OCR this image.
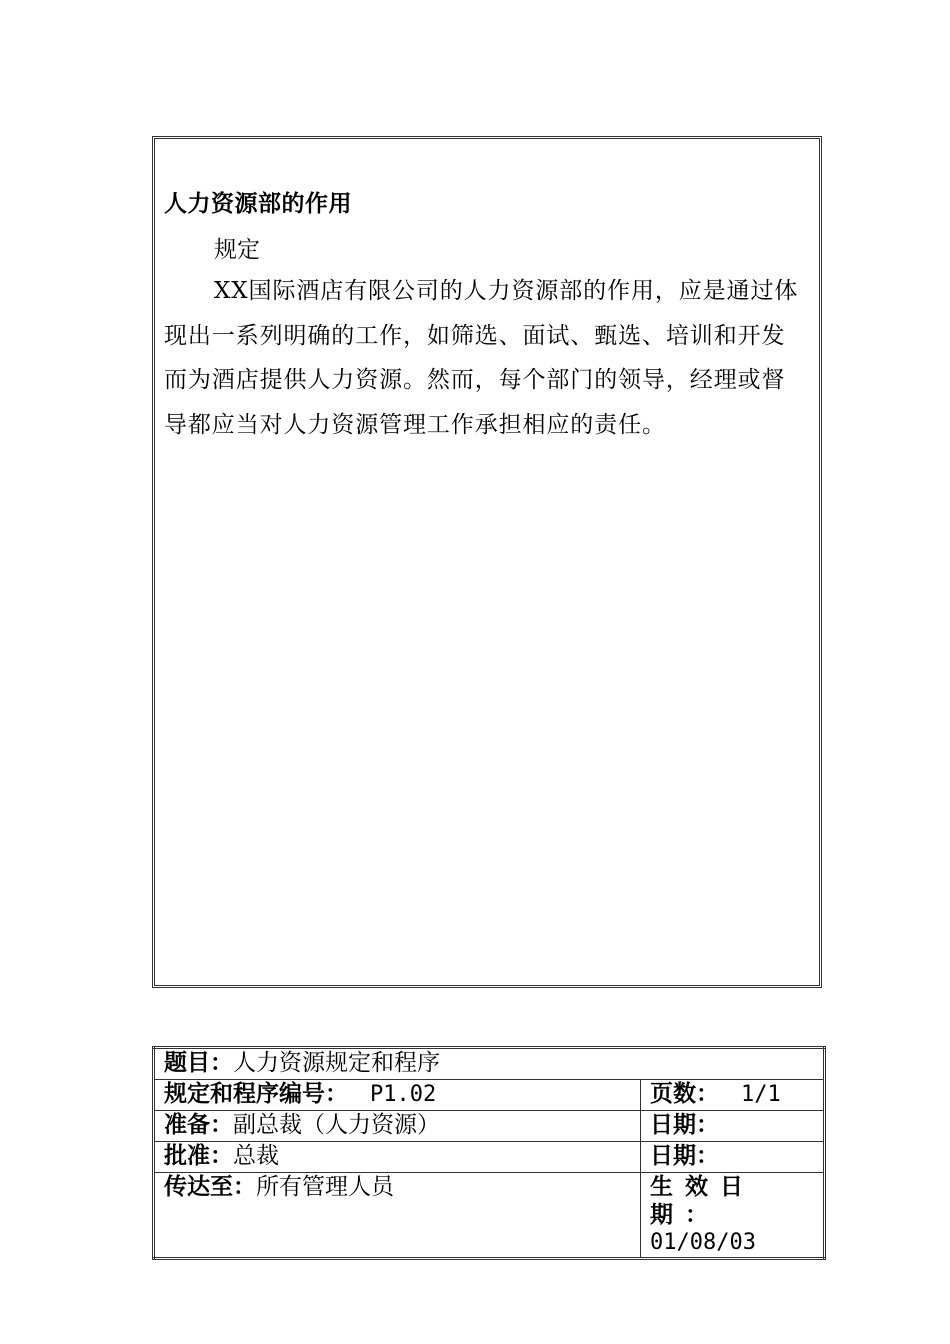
人力资源部的作用
规定

XX国际酒店有限公司的人力资源部的作用，应是通过体现出一系列明确的工作，如筛选、面试、甄选、培训和开发而为酒店提供人力资源。然而，每个部门的领导，经理或督导都应当对人力资源管理工作承担相应的责任。

题目：人力资源规定和程序	
规定和程序编号： P1.02	页数： 1/1
准备：副总裁（人力资源）	日期：
批准：总裁	日期：
传达至：所有管理人员	生效日期：
01/08/03
